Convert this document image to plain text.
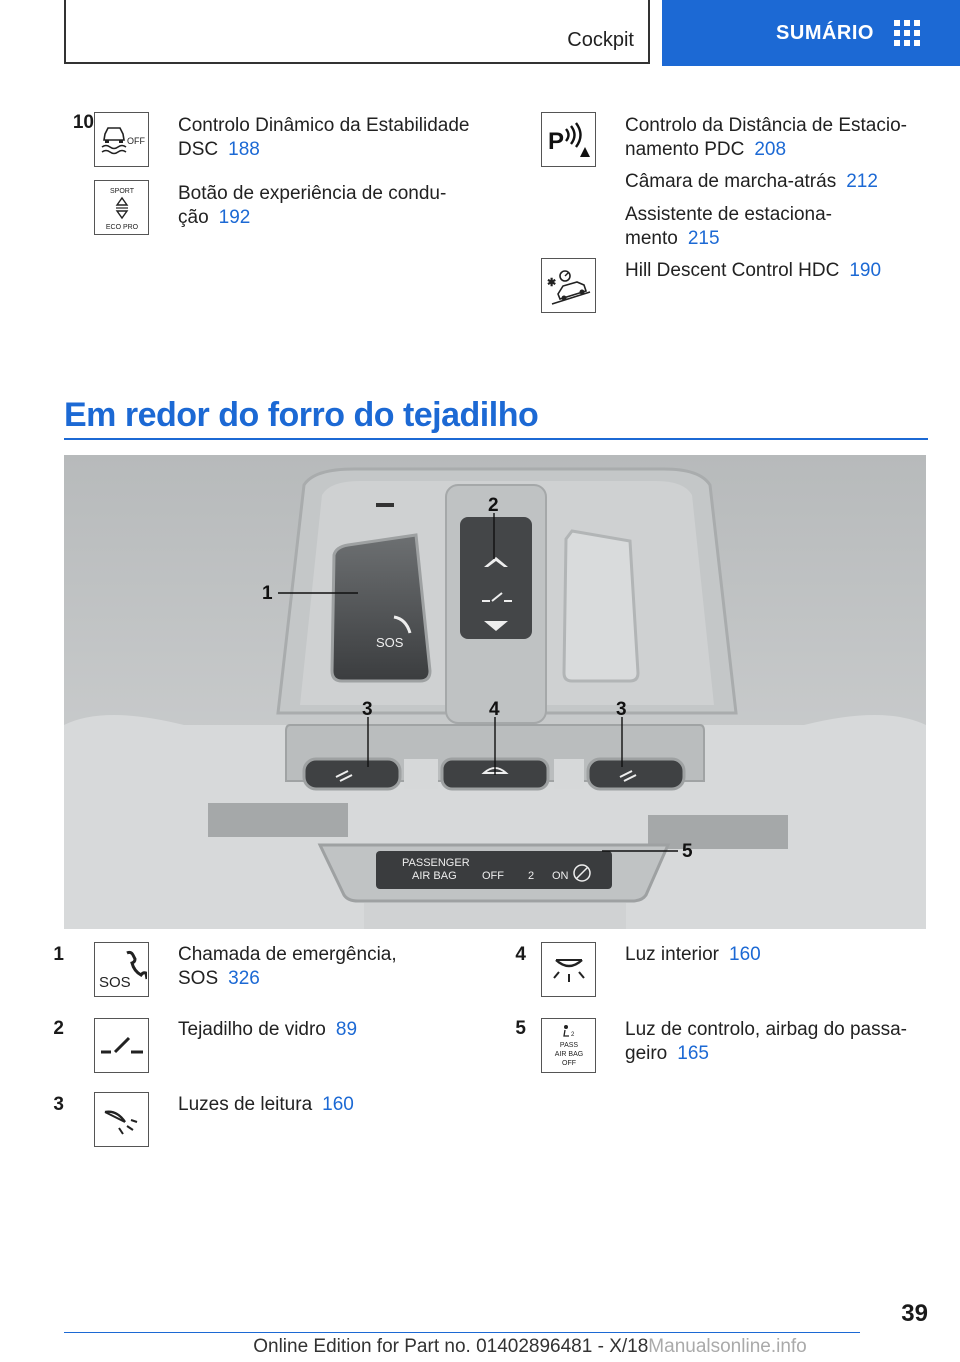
Cockpit	SUMÁRIO
10
OFF
Controlo Dinâmico da Estabilidade
DSC 188
SPORT
ECO PRO
Botão de experiência de condu-
ção 192
P
Controlo da Distância de Estacio-
namento PDC 208
Câmara de marcha-atrás 212
Assistente de estaciona-
mento 215
✱
Hill Descent Control HDC 190
Em redor do forro do tejadilho
SOS
PASSENGER
AIR BAG OFF 2 ON
1
2
3	4	3
5
1
SOS
Chamada de emergência,
SOS 326
2	Tejadilho de vidro 89
3	Luzes de leitura 160
4	Luz interior 160
5	2
PASS
AIR BAG
OFF
Luz de controlo, airbag do passa-
geiro 165
39
Online Edition for Part no. 01402896481 - X/18Manualsonline.info
